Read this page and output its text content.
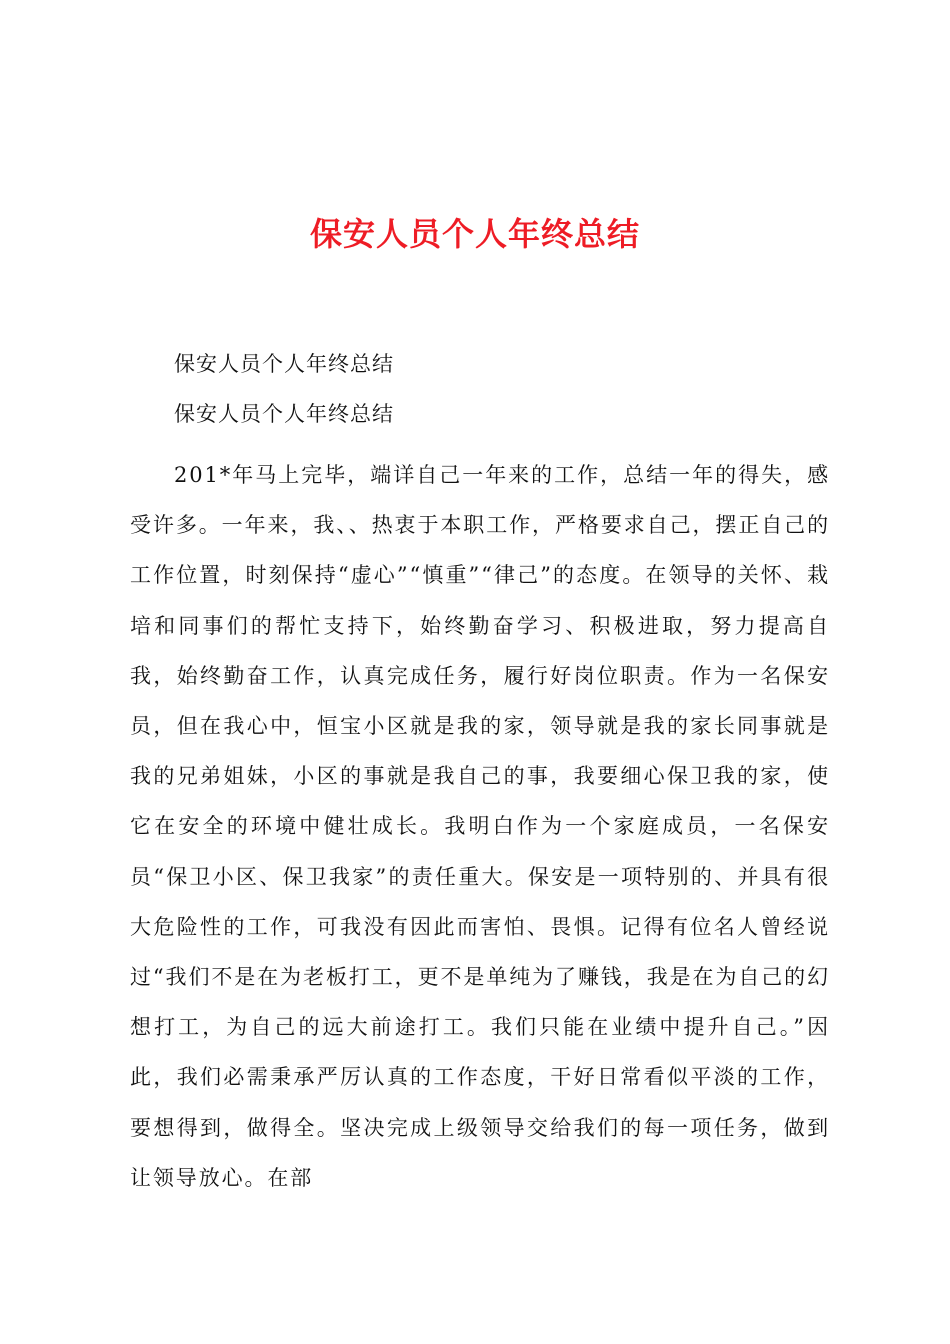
保安人员个人年终总结

保安人员个人年终总结

保安人员个人年终总结

201*年马上完毕，端详自己一年来的工作，总结一年的得失，感受许多。一年来，我、、热衷于本职工作，严格要求自己，摆正自己的工作位置，时刻保持“虚心”“慎重”“律己”的态度。在领导的关怀、栽培和同事们的帮忙支持下，始终勤奋学习、积极进取，努力提高自我，始终勤奋工作，认真完成任务，履行好岗位职责。作为一名保安员，但在我心中，恒宝小区就是我的家，领导就是我的家长同事就是我的兄弟姐妹，小区的事就是我自己的事，我要细心保卫我的家，使它在安全的环境中健壮成长。我明白作为一个家庭成员，一名保安员“保卫小区、保卫我家”的责任重大。保安是一项特别的、并具有很大危险性的工作，可我没有因此而害怕、畏惧。记得有位名人曾经说过“我们不是在为老板打工，更不是单纯为了赚钱，我是在为自己的幻想打工，为自己的远大前途打工。我们只能在业绩中提升自己。”因此，我们必需秉承严厉认真的工作态度，干好日常看似平淡的工作，要想得到，做得全。坚决完成上级领导交给我们的每一项任务，做到让领导放心。在部
